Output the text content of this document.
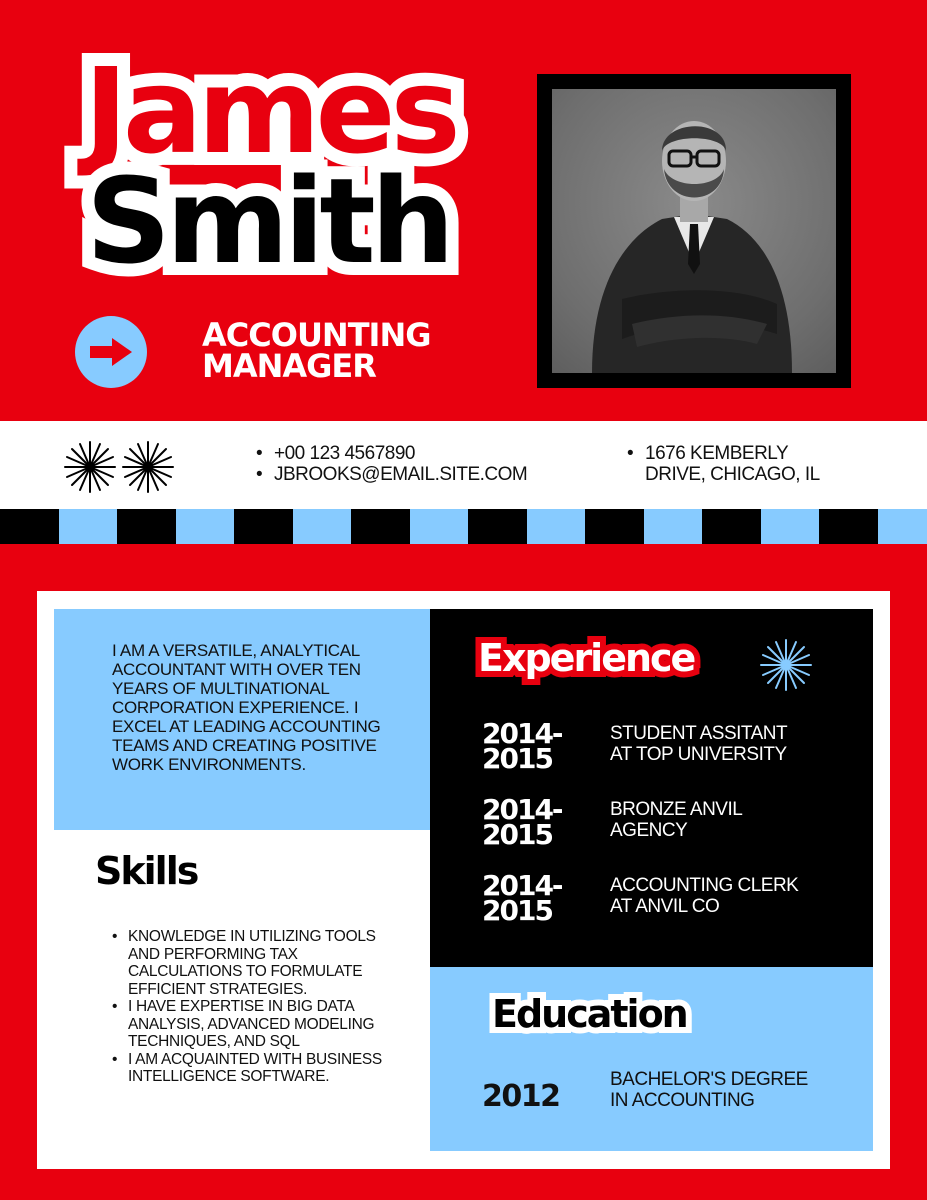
James
Smith
ACCOUNTING
MANAGER
• +00 123 4567890
• JBROOKS@EMAIL.SITE.COM
• 1676 KEMBERLY
DRIVE, CHICAGO, IL

I AM A VERSATILE, ANALYTICAL ACCOUNTANT WITH OVER TEN YEARS OF MULTINATIONAL CORPORATION EXPERIENCE. I EXCEL AT LEADING ACCOUNTING TEAMS AND CREATING POSITIVE WORK ENVIRONMENTS.

Skills
• KNOWLEDGE IN UTILIZING TOOLS AND PERFORMING TAX CALCULATIONS TO FORMULATE EFFICIENT STRATEGIES.
• I HAVE EXPERTISE IN BIG DATA ANALYSIS, ADVANCED MODELING TECHNIQUES, AND SQL
• I AM ACQUAINTED WITH BUSINESS INTELLIGENCE SOFTWARE.
Experience
2014-
2015
STUDENT ASSITANT
AT TOP UNIVERSITY
2014-
2015
BRONZE ANVIL
AGENCY
2014-
2015
ACCOUNTING CLERK
AT ANVIL CO
Education
2012	BACHELOR'S DEGREE
IN ACCOUNTING
